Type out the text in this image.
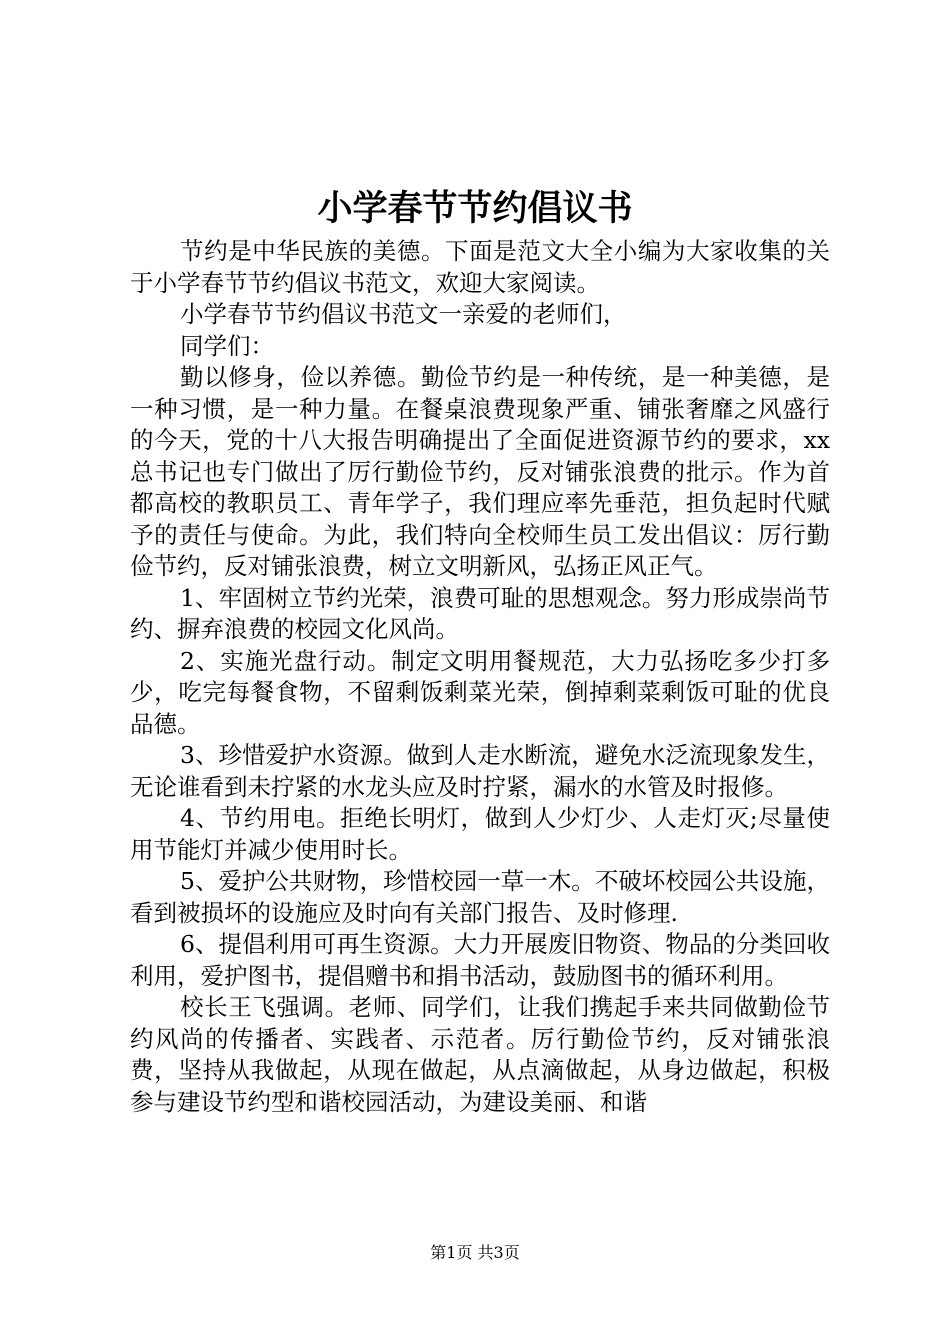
小学春节节约倡议书

节约是中华民族的美德。下面是范文大全小编为大家收集的关于小学春节节约倡议书范文，欢迎大家阅读。

小学春节节约倡议书范文一亲爱的老师们，

同学们：

勤以修身，俭以养德。勤俭节约是一种传统，是一种美德，是一种习惯，是一种力量。在餐桌浪费现象严重、铺张奢靡之风盛行的今天，党的十八大报告明确提出了全面促进资源节约的要求，xx总书记也专门做出了厉行勤俭节约，反对铺张浪费的批示。作为首都高校的教职员工、青年学子，我们理应率先垂范，担负起时代赋予的责任与使命。为此，我们特向全校师生员工发出倡议：厉行勤俭节约，反对铺张浪费，树立文明新风，弘扬正风正气。

1、牢固树立节约光荣，浪费可耻的思想观念。努力形成崇尚节约、摒弃浪费的校园文化风尚。

2、实施光盘行动。制定文明用餐规范，大力弘扬吃多少打多少，吃完每餐食物，不留剩饭剩菜光荣，倒掉剩菜剩饭可耻的优良品德。

3、珍惜爱护水资源。做到人走水断流，避免水泛流现象发生，无论谁看到未拧紧的水龙头应及时拧紧，漏水的水管及时报修。

4、节约用电。拒绝长明灯，做到人少灯少、人走灯灭;尽量使用节能灯并减少使用时长。

5、爱护公共财物，珍惜校园一草一木。不破坏校园公共设施，看到被损坏的设施应及时向有关部门报告、及时修理.

6、提倡利用可再生资源。大力开展废旧物资、物品的分类回收利用，爱护图书，提倡赠书和捐书活动，鼓励图书的循环利用。

校长王飞强调。老师、同学们，让我们携起手来共同做勤俭节约风尚的传播者、实践者、示范者。厉行勤俭节约，反对铺张浪费，坚持从我做起，从现在做起，从点滴做起，从身边做起，积极参与建设节约型和谐校园活动，为建设美丽、和谐

第1页 共3页
